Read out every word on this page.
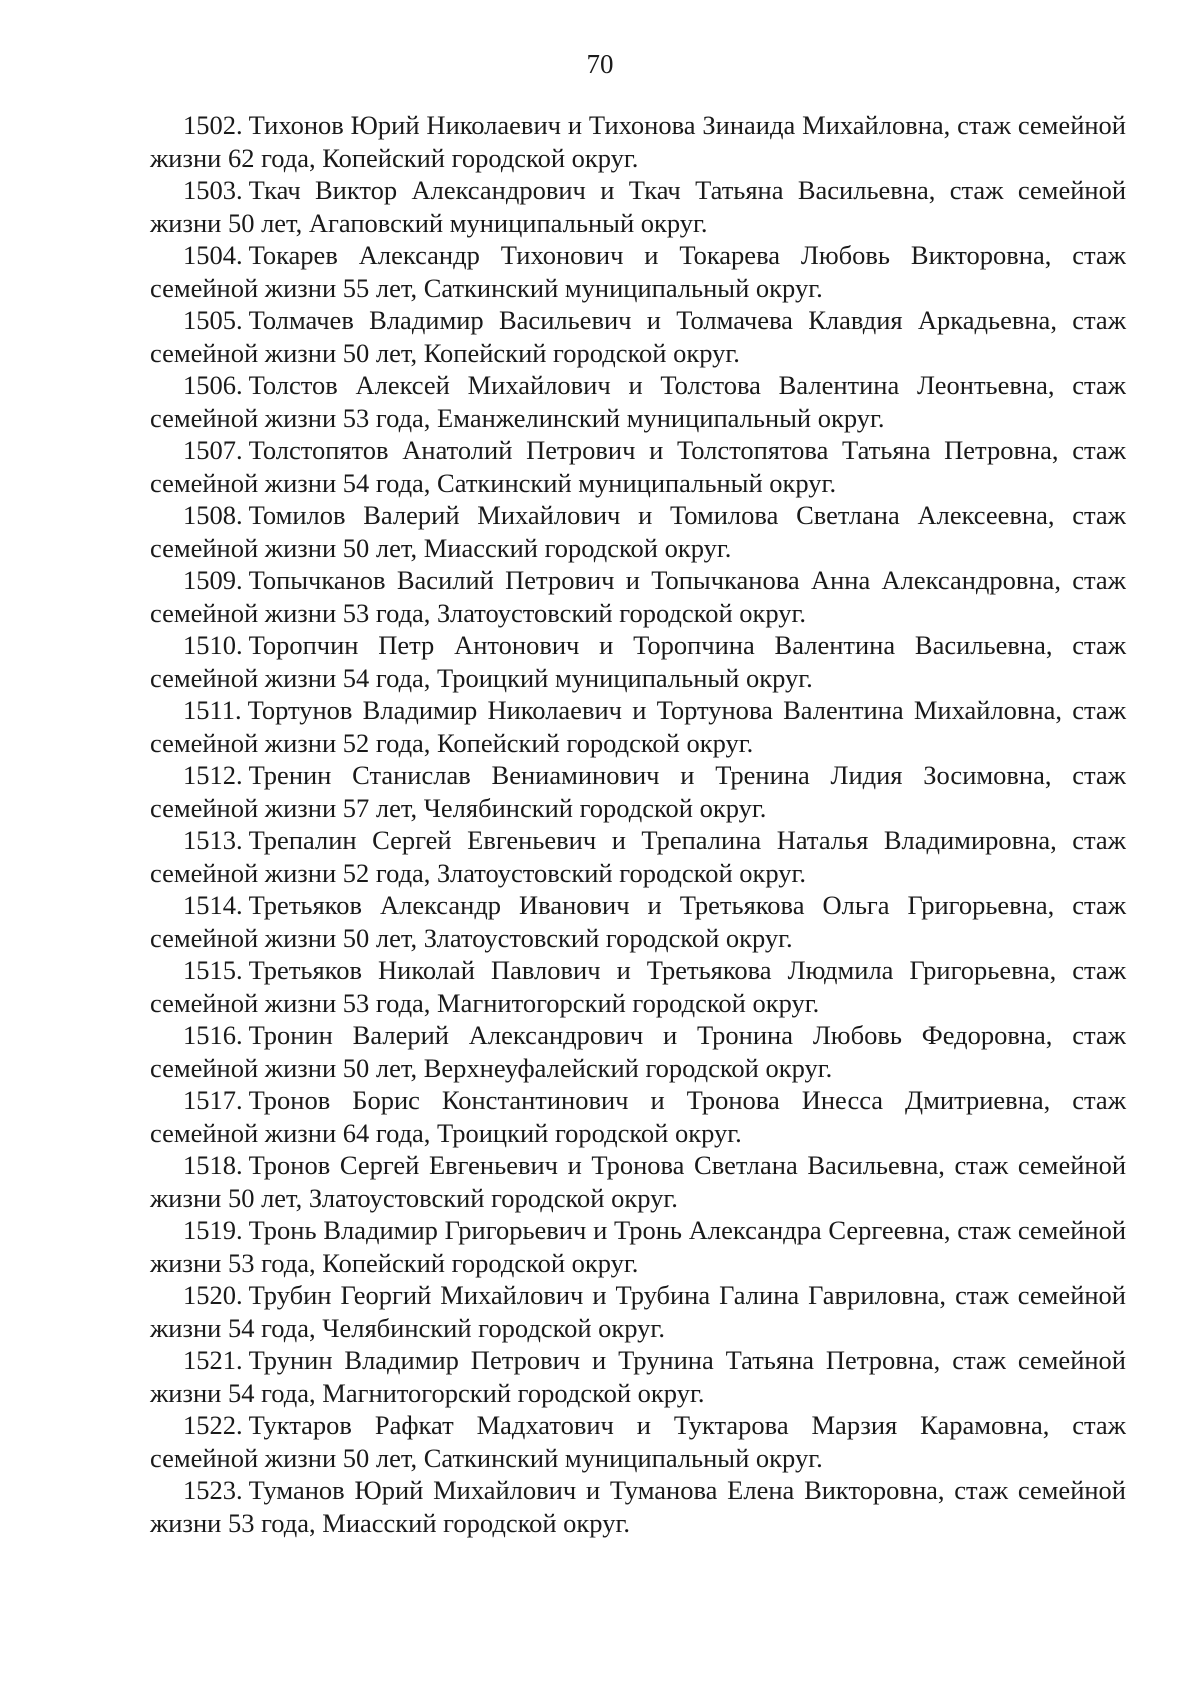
70

1502. Тихонов Юрий Николаевич и Тихонова Зинаида Михайловна, стаж семейной жизни 62 года, Копейский городской округ.

1503. Ткач Виктор Александрович и Ткач Татьяна Васильевна, стаж семейной жизни 50 лет, Агаповский муниципальный округ.

1504. Токарев Александр Тихонович и Токарева Любовь Викторовна, стаж семейной жизни 55 лет, Саткинский муниципальный округ.

1505. Толмачев Владимир Васильевич и Толмачева Клавдия Аркадьевна, стаж семейной жизни 50 лет, Копейский городской округ.

1506. Толстов Алексей Михайлович и Толстова Валентина Леонтьевна, стаж семейной жизни 53 года, Еманжелинский муниципальный округ.

1507. Толстопятов Анатолий Петрович и Толстопятова Татьяна Петровна, стаж семейной жизни 54 года, Саткинский муниципальный округ.

1508. Томилов Валерий Михайлович и Томилова Светлана Алексеевна, стаж семейной жизни 50 лет, Миасский городской округ.

1509. Топычканов Василий Петрович и Топычканова Анна Александровна, стаж семейной жизни 53 года, Златоустовский городской округ.

1510. Торопчин Петр Антонович и Торопчина Валентина Васильевна, стаж семейной жизни 54 года, Троицкий муниципальный округ.

1511. Тортунов Владимир Николаевич и Тортунова Валентина Михайловна, стаж семейной жизни 52 года, Копейский городской округ.

1512. Тренин Станислав Вениаминович и Тренина Лидия Зосимовна, стаж семейной жизни 57 лет, Челябинский городской округ.

1513. Трепалин Сергей Евгеньевич и Трепалина Наталья Владимировна, стаж семейной жизни 52 года, Златоустовский городской округ.

1514. Третьяков Александр Иванович и Третьякова Ольга Григорьевна, стаж семейной жизни 50 лет, Златоустовский городской округ.

1515. Третьяков Николай Павлович и Третьякова Людмила Григорьевна, стаж семейной жизни 53 года, Магнитогорский городской округ.

1516. Тронин Валерий Александрович и Тронина Любовь Федоровна, стаж семейной жизни 50 лет, Верхнеуфалейский городской округ.

1517. Тронов Борис Константинович и Тронова Инесса Дмитриевна, стаж семейной жизни 64 года, Троицкий городской округ.

1518. Тронов Сергей Евгеньевич и Тронова Светлана Васильевна, стаж семейной жизни 50 лет, Златоустовский городской округ.

1519. Тронь Владимир Григорьевич и Тронь Александра Сергеевна, стаж семейной жизни 53 года, Копейский городской округ.

1520. Трубин Георгий Михайлович и Трубина Галина Гавриловна, стаж семейной жизни 54 года, Челябинский городской округ.

1521. Трунин Владимир Петрович и Трунина Татьяна Петровна, стаж семейной жизни 54 года, Магнитогорский городской округ.

1522. Туктаров Рафкат Мадхатович и Туктарова Марзия Карамовна, стаж семейной жизни 50 лет, Саткинский муниципальный округ.

1523. Туманов Юрий Михайлович и Туманова Елена Викторовна, стаж семейной жизни 53 года, Миасский городской округ.
